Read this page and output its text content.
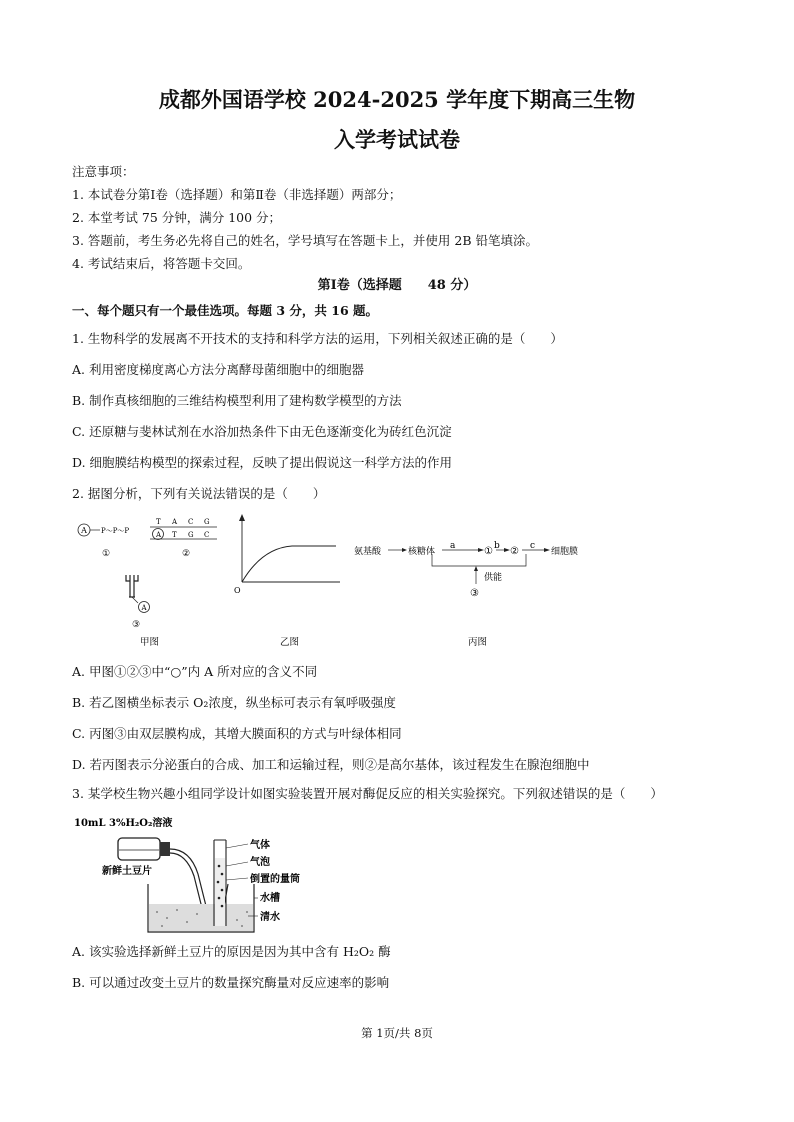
成都外国语学校 2024-2025 学年度下期高三生物
入学考试试卷
注意事项：
1. 本试卷分第Ⅰ卷（选择题）和第Ⅱ卷（非选择题）两部分；
2. 本堂考试 75 分钟，满分 100 分；
3. 答题前，考生务必先将自己的姓名，学号填写在答题卡上，并使用 2B 铅笔填涂。
4. 考试结束后，将答题卡交回。
第Ⅰ卷（选择题　　48 分）
一、每个题只有一个最佳选项。每题 3 分，共 16 题。
1. 生物科学的发展离不开技术的支持和科学方法的运用，下列相关叙述正确的是（　　）
A. 利用密度梯度离心方法分离酵母菌细胞中的细胞器
B. 制作真核细胞的三维结构模型利用了建构数学模型的方法
C. 还原糖与斐林试剂在水浴加热条件下由无色逐渐变化为砖红色沉淀
D. 细胞膜结构模型的探索过程，反映了提出假说这一科学方法的作用
2. 据图分析，下列有关说法错误的是（　　）
A P～P～P
①
T A C G
A T G C
②
A
③
甲图
O
乙图
氨基酸	核糖体
a	① b ② c
细胞膜
供能
③
丙图
A. 甲图①②③中“○”内 A 所对应的含义不同
B. 若乙图横坐标表示 O₂浓度，纵坐标可表示有氧呼吸强度
C. 丙图③由双层膜构成，其增大膜面积的方式与叶绿体相同
D. 若丙图表示分泌蛋白的合成、加工和运输过程，则②是高尔基体，该过程发生在腺泡细胞中
3. 某学校生物兴趣小组同学设计如图实验装置开展对酶促反应的相关实验探究。下列叙述错误的是（　　）
10mL 3%H₂O₂溶液
新鲜土豆片
气体
气泡
倒置的量筒
水槽
清水
A. 该实验选择新鲜土豆片的原因是因为其中含有 H₂O₂ 酶
B. 可以通过改变土豆片的数量探究酶量对反应速率的影响
第 1页/共 8页
